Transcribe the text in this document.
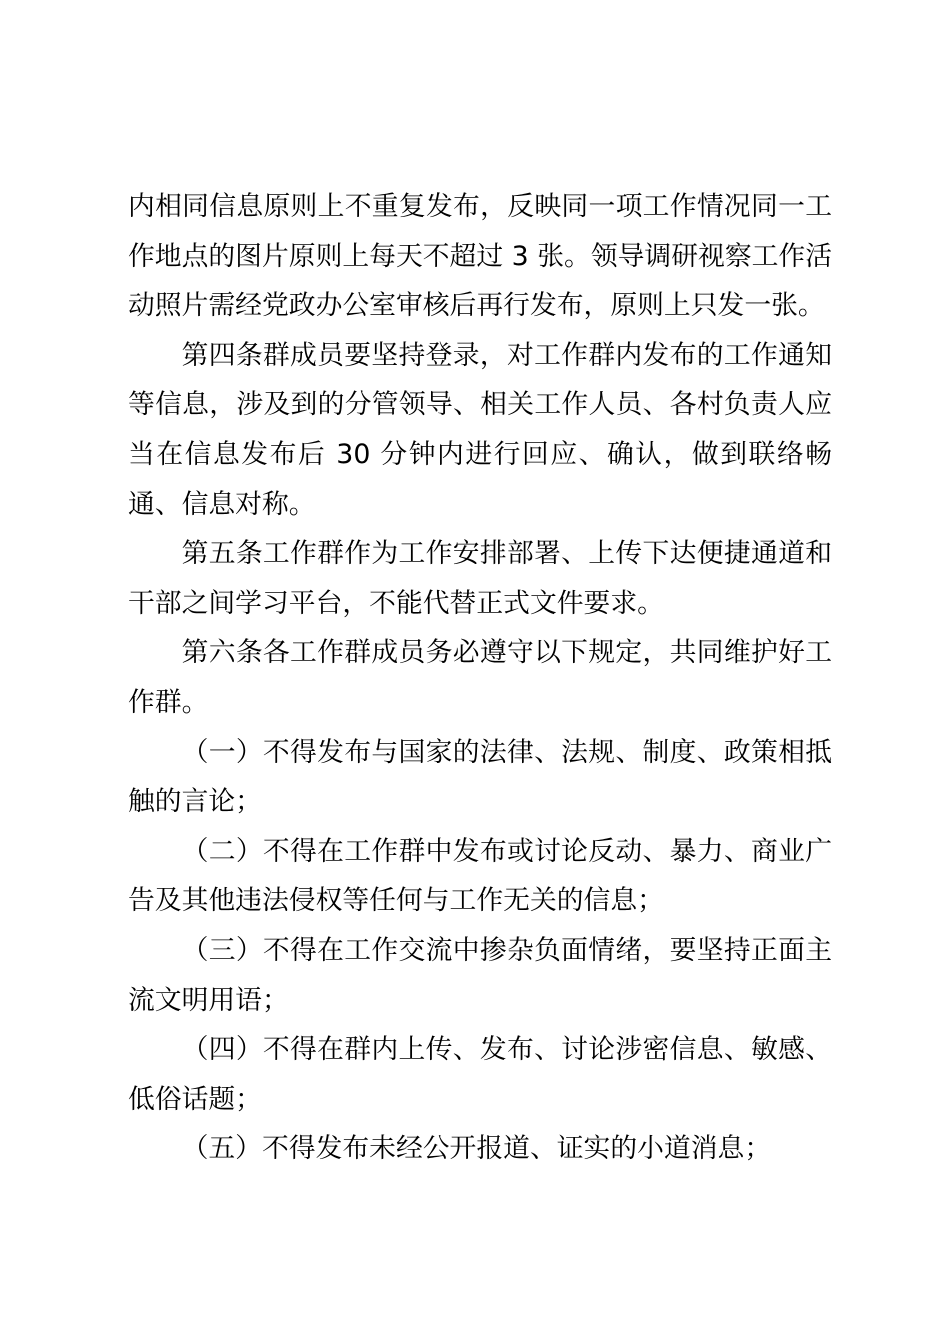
内相同信息原则上不重复发布，反映同一项工作情况同一工作地点的图片原则上每天不超过 3 张。领导调研视察工作活动照片需经党政办公室审核后再行发布，原则上只发一张。

第四条群成员要坚持登录，对工作群内发布的工作通知等信息，涉及到的分管领导、相关工作人员、各村负责人应当在信息发布后 30 分钟内进行回应、确认，做到联络畅通、信息对称。

第五条工作群作为工作安排部署、上传下达便捷通道和干部之间学习平台，不能代替正式文件要求。

第六条各工作群成员务必遵守以下规定，共同维护好工作群。

（一）不得发布与国家的法律、法规、制度、政策相抵触的言论；

（二）不得在工作群中发布或讨论反动、暴力、商业广告及其他违法侵权等任何与工作无关的信息；

（三）不得在工作交流中掺杂负面情绪，要坚持正面主流文明用语；

（四）不得在群内上传、发布、讨论涉密信息、敏感、低俗话题；

（五）不得发布未经公开报道、证实的小道消息；
